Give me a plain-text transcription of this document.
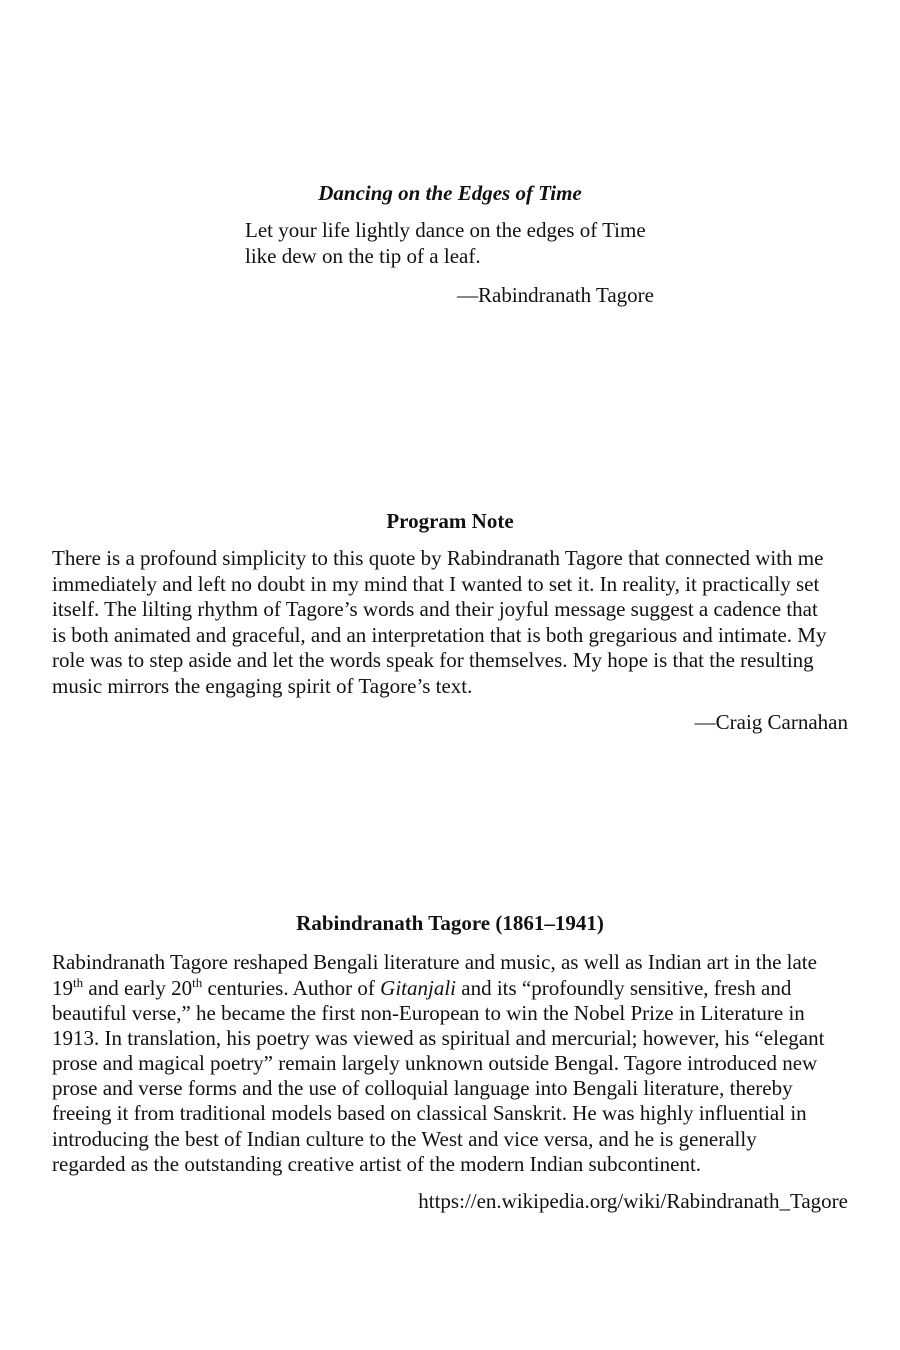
Dancing on the Edges of Time
Let your life lightly dance on the edges of Time
like dew on the tip of a leaf.
—Rabindranath Tagore
Program Note
There is a profound simplicity to this quote by Rabindranath Tagore that connected with me
immediately and left no doubt in my mind that I wanted to set it. In reality, it practically set
itself. The lilting rhythm of Tagore’s words and their joyful message suggest a cadence that
is both animated and graceful, and an interpretation that is both gregarious and intimate. My
role was to step aside and let the words speak for themselves. My hope is that the resulting
music mirrors the engaging spirit of Tagore’s text.
—Craig Carnahan
Rabindranath Tagore (1861–1941)
Rabindranath Tagore reshaped Bengali literature and music, as well as Indian art in the late
19th and early 20th centuries. Author of Gitanjali and its “profoundly sensitive, fresh and
beautiful verse,” he became the first non-European to win the Nobel Prize in Literature in
1913. In translation, his poetry was viewed as spiritual and mercurial; however, his “elegant
prose and magical poetry” remain largely unknown outside Bengal. Tagore introduced new
prose and verse forms and the use of colloquial language into Bengali literature, thereby
freeing it from traditional models based on classical Sanskrit. He was highly influential in
introducing the best of Indian culture to the West and vice versa, and he is generally
regarded as the outstanding creative artist of the modern Indian subcontinent.
https://en.wikipedia.org/wiki/Rabindranath_Tagore
